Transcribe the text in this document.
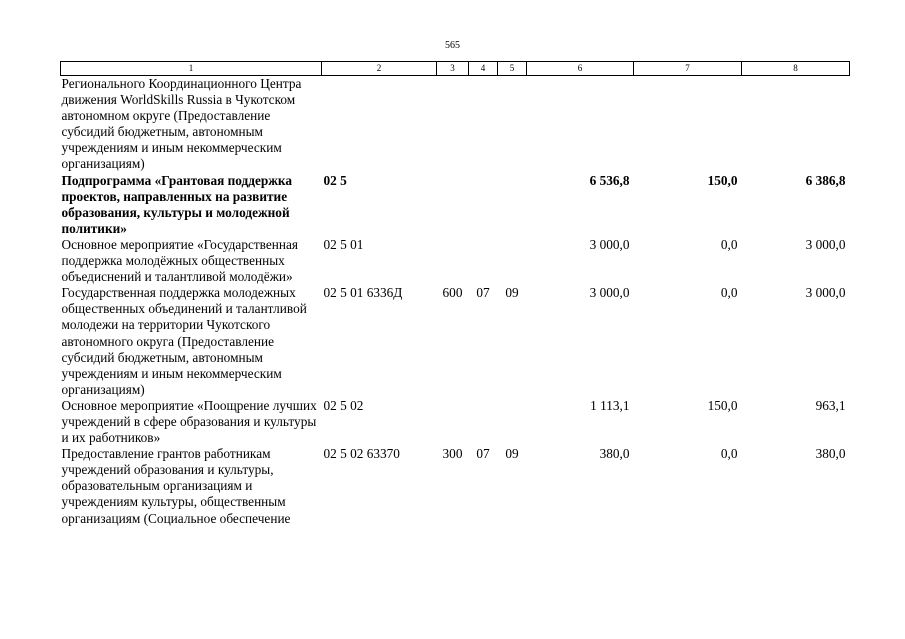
565
1	2	3	4	5	6	7	8
Регионального Координационного Центра движения WorldSkills Russia в Чукотском автономном округе (Предоставление субсидий бюджетным, автономным учреждениям и иным некоммерческим организациям)							
Подпрограмма «Грантовая поддержка проектов, направленных на развитие образования, культуры и молодежной политики»	02 5				6 536,8	150,0	6 386,8
Основное мероприятие «Государственная поддержка молодёжных общественных объедиснений и талантливой молодёжи»	02 5 01				3 000,0	0,0	3 000,0
Государственная поддержка молодежных общественных объединений и талантливой молодежи на территории Чукотского автономного округа (Предоставление субсидий бюджетным, автономным учреждениям и иным некоммерческим организациям)	02 5 01 6336Д	600	07	09	3 000,0	0,0	3 000,0
Основное мероприятие «Поощрение лучших учреждений в сфере образования и культуры и их работников»	02 5 02				1 113,1	150,0	963,1
Предоставление грантов работникам учреждений образования и культуры, образовательным организациям и учреждениям культуры, общественным организациям (Социальное обеспечение	02 5 02 63370	300	07	09	380,0	0,0	380,0
